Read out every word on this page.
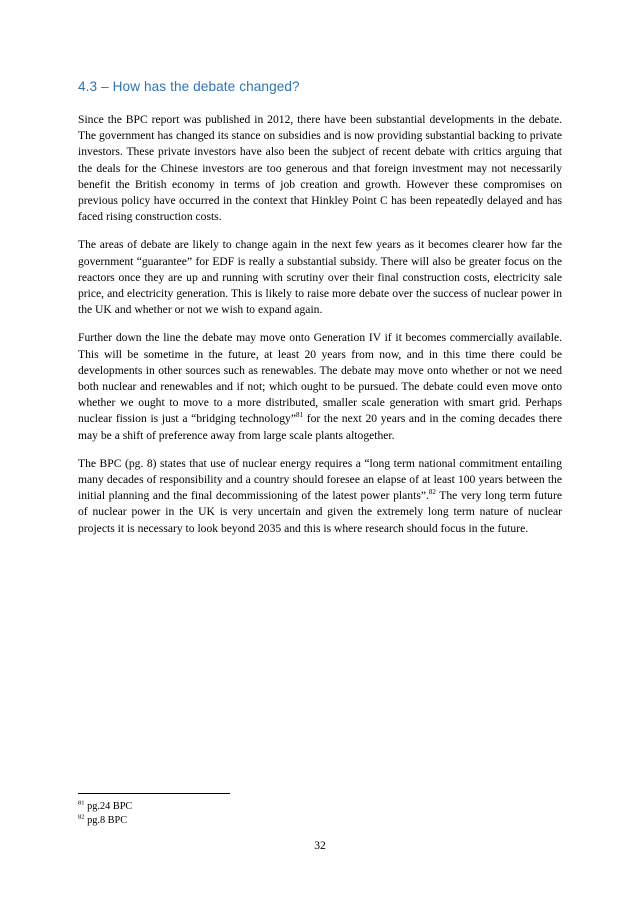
4.3 – How has the debate changed?

Since the BPC report was published in 2012, there have been substantial developments in the debate. The government has changed its stance on subsidies and is now providing substantial backing to private investors. These private investors have also been the subject of recent debate with critics arguing that the deals for the Chinese investors are too generous and that foreign investment may not necessarily benefit the British economy in terms of job creation and growth. However these compromises on previous policy have occurred in the context that Hinkley Point C has been repeatedly delayed and has faced rising construction costs.

The areas of debate are likely to change again in the next few years as it becomes clearer how far the government “guarantee” for EDF is really a substantial subsidy. There will also be greater focus on the reactors once they are up and running with scrutiny over their final construction costs, electricity sale price, and electricity generation. This is likely to raise more debate over the success of nuclear power in the UK and whether or not we wish to expand again.

Further down the line the debate may move onto Generation IV if it becomes commercially available. This will be sometime in the future, at least 20 years from now, and in this time there could be developments in other sources such as renewables. The debate may move onto whether or not we need both nuclear and renewables and if not; which ought to be pursued. The debate could even move onto whether we ought to move to a more distributed, smaller scale generation with smart grid. Perhaps nuclear fission is just a “bridging technology”$^{81}$ for the next 20 years and in the coming decades there may be a shift of preference away from large scale plants altogether.

The BPC (pg. 8) states that use of nuclear energy requires a “long term national commitment entailing many decades of responsibility and a country should foresee an elapse of at least 100 years between the initial planning and the final decommissioning of the latest power plants”.$^{82}$ The very long term future of nuclear power in the UK is very uncertain and given the extremely long term nature of nuclear projects it is necessary to look beyond 2035 and this is where research should focus in the future.

$^{81}$ pg.24 BPC
$^{82}$ pg.8 BPC
32
